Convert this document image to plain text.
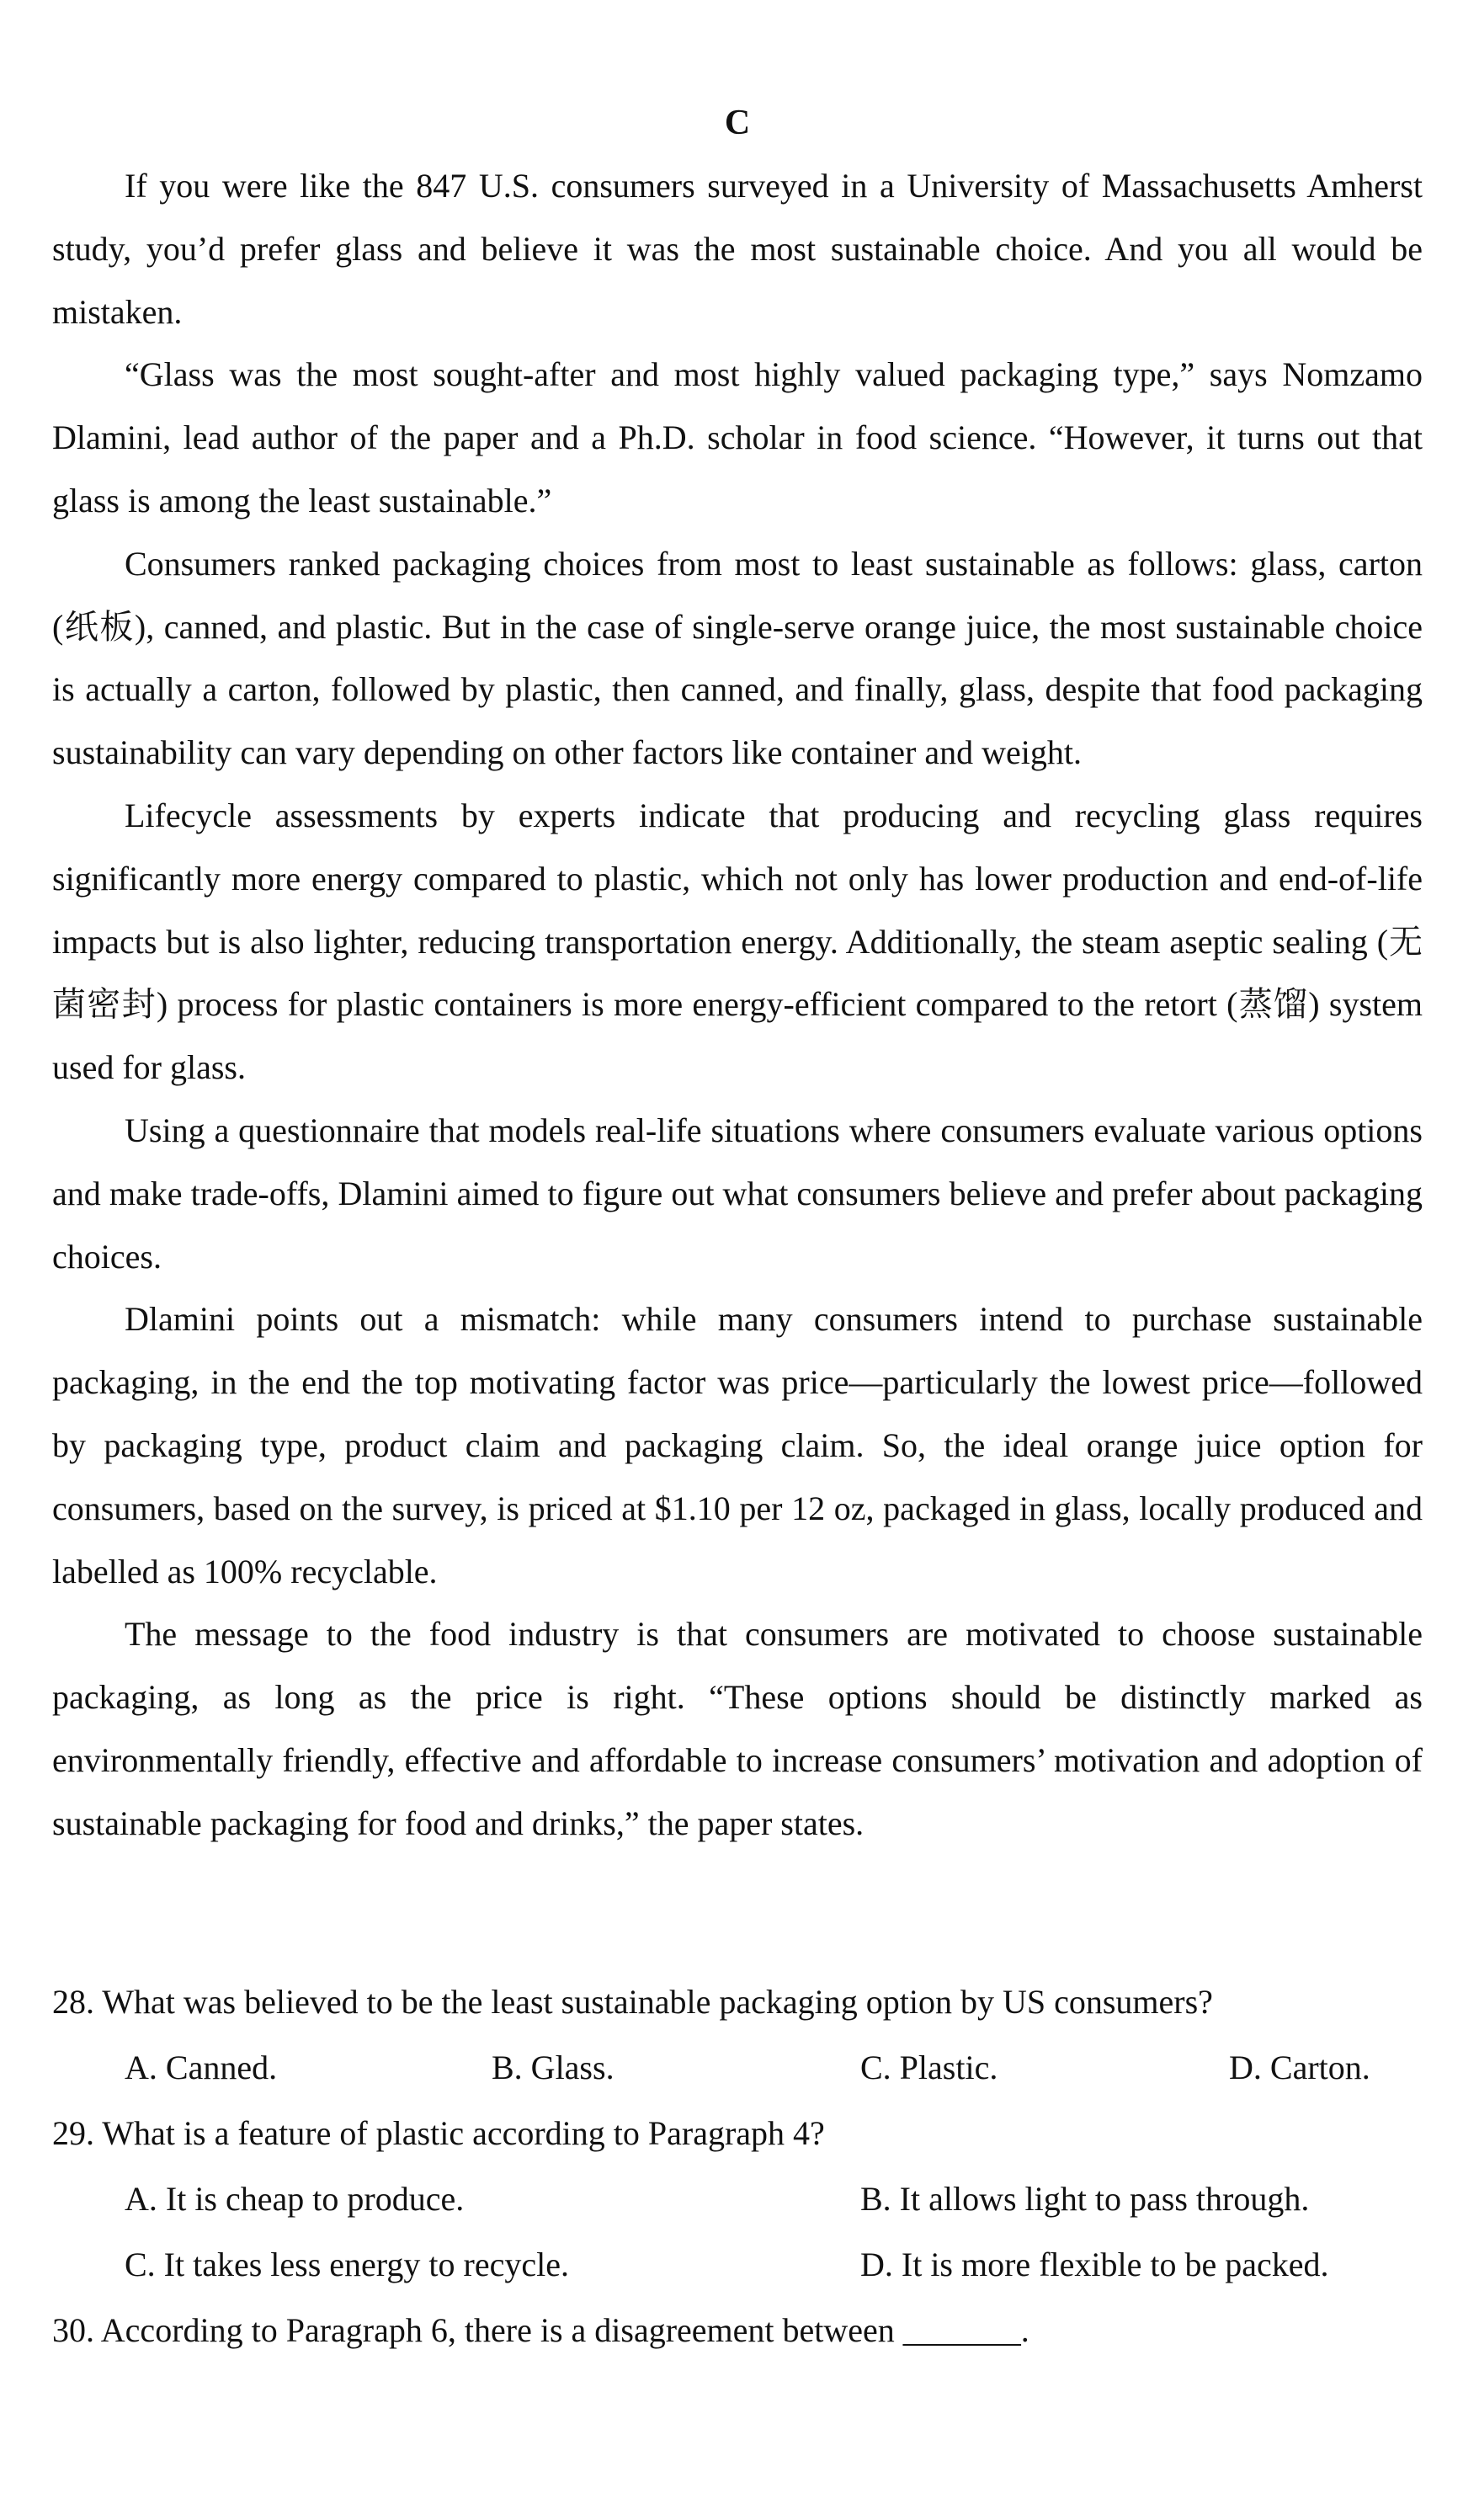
C

If you were like the 847 U.S. consumers surveyed in a University of Massachusetts Amherst study, you’d prefer glass and believe it was the most sustainable choice. And you all would be mistaken.

“Glass was the most sought-after and most highly valued packaging type,” says Nomzamo Dlamini, lead author of the paper and a Ph.D. scholar in food science. “However, it turns out that glass is among the least sustainable.”

Consumers ranked packaging choices from most to least sustainable as follows: glass, carton (纸板), canned, and plastic. But in the case of single-serve orange juice, the most sustainable choice is actually a carton, followed by plastic, then canned, and finally, glass, despite that food packaging sustainability can vary depending on other factors like container and weight.

Lifecycle assessments by experts indicate that producing and recycling glass requires significantly more energy compared to plastic, which not only has lower production and end-of-life impacts but is also lighter, reducing transportation energy. Additionally, the steam aseptic sealing (无菌密封) process for plastic containers is more energy-efficient compared to the retort (蒸馏) system used for glass.

Using a questionnaire that models real-life situations where consumers evaluate various options and make trade-offs, Dlamini aimed to figure out what consumers believe and prefer about packaging choices.

Dlamini points out a mismatch: while many consumers intend to purchase sustainable packaging, in the end the top motivating factor was price—particularly the lowest price—followed by packaging type, product claim and packaging claim. So, the ideal orange juice option for consumers, based on the survey, is priced at $1.10 per 12 oz, packaged in glass, locally produced and labelled as 100% recyclable.

The message to the food industry is that consumers are motivated to choose sustainable packaging, as long as the price is right. “These options should be distinctly marked as environmentally friendly, effective and affordable to increase consumers’ motivation and adoption of sustainable packaging for food and drinks,” the paper states.

28. What was believed to be the least sustainable packaging option by US consumers?
A. Canned.	B. Glass.	C. Plastic.	D. Carton.
29. What is a feature of plastic according to Paragraph 4?
A. It is cheap to produce.	B. It allows light to pass through.
C. It takes less energy to recycle.	D. It is more flexible to be packed.
30. According to Paragraph 6, there is a disagreement between _______.
